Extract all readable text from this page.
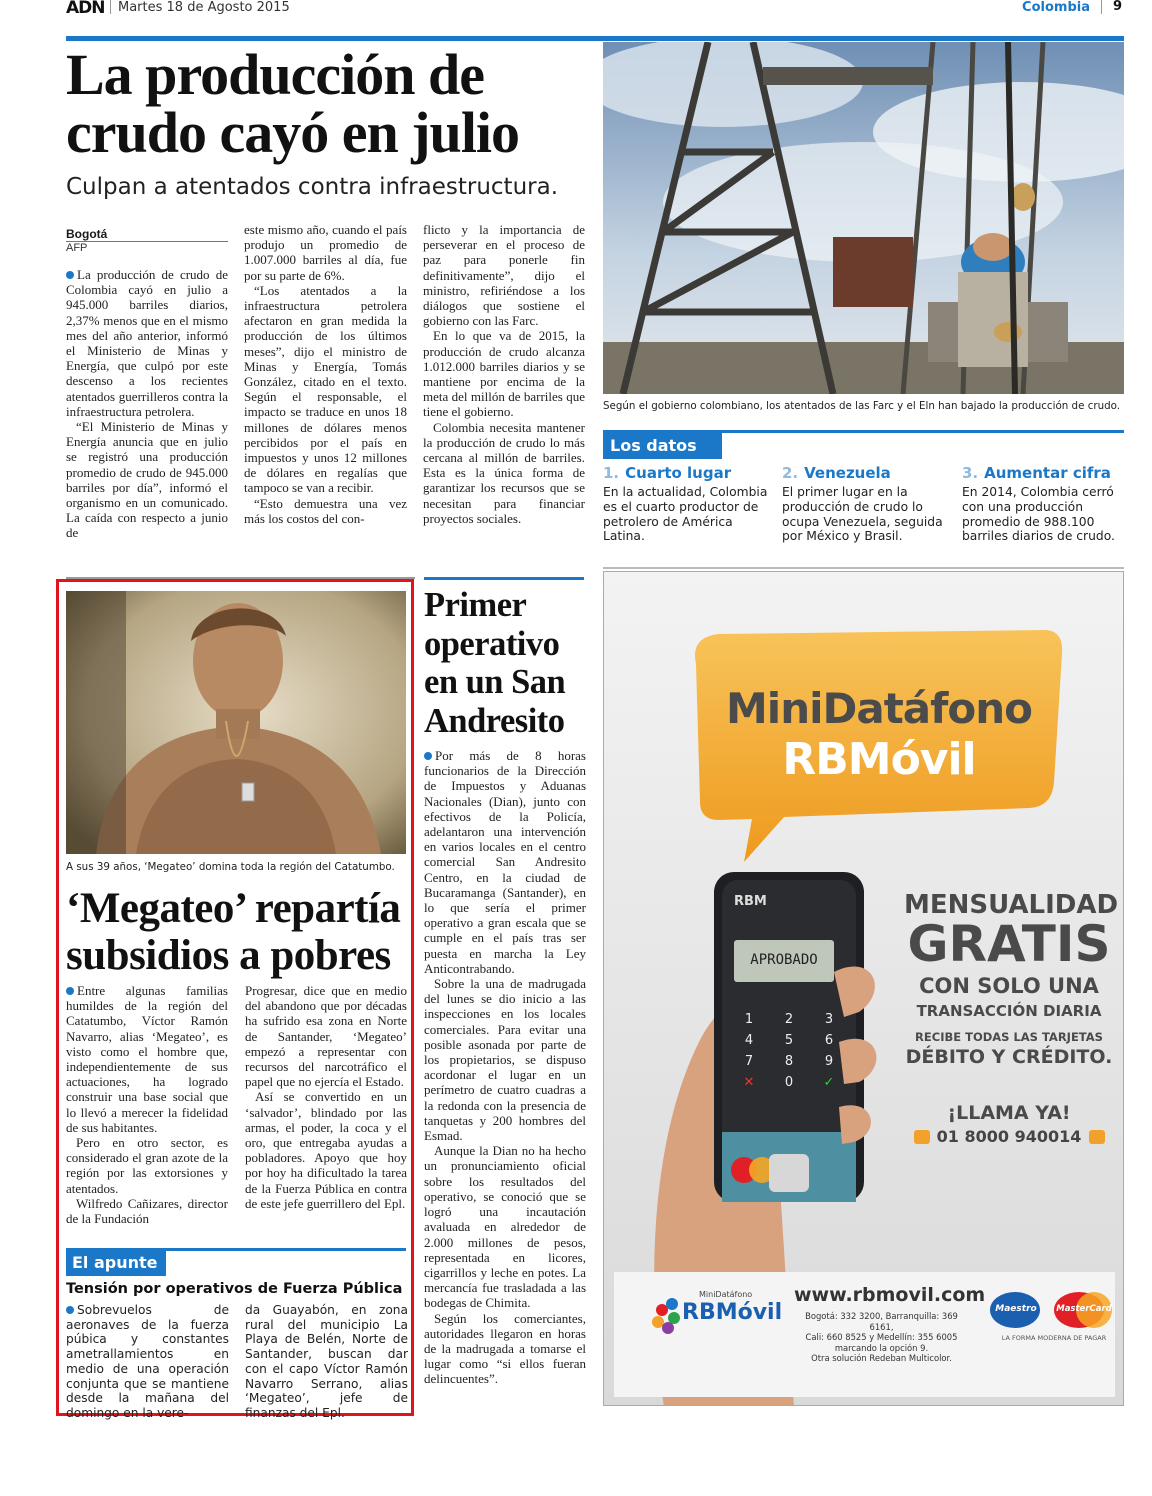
ADN Martes 18 de Agosto 2015	Colombia 9
La producción de crudo cayó en julio
Culpan a atentados contra infraestructura.
Bogotá
AFP

La producción de crudo de Colombia cayó en julio a 945.000 barriles diarios, 2,37% menos que en el mismo mes del año anterior, informó el Ministerio de Minas y Energía, que culpó por este descenso a los recientes atentados guerrilleros contra la infraestructura petrolera.

“El Ministerio de Minas y Energía anuncia que en julio se registró una producción promedio de crudo de 945.000 barriles por día”, informó el organismo en un comunicado. La caída con respecto a junio de

este mismo año, cuando el país produjo un promedio de 1.007.000 barriles al día, fue por su parte de 6%.

“Los atentados a la infraestructura petrolera afectaron en gran medida la producción de los últimos meses”, dijo el ministro de Minas y Energía, Tomás González, citado en el texto. Según el responsable, el impacto se traduce en unos 18 millones de dólares menos percibidos por el país en impuestos y unos 12 millones de dólares en regalías que tampoco se van a recibir.

“Esto demuestra una vez más los costos del con-

flicto y la importancia de perseverar en el proceso de paz para ponerle fin definitivamente”, dijo el ministro, refiriéndose a los diálogos que sostiene el gobierno con las Farc.

En lo que va de 2015, la producción de crudo alcanza 1.012.000 barriles diarios y se mantiene por encima de la meta del millón de barriles que tiene el gobierno.

Colombia necesita mantener la producción de crudo lo más cercana al millón de barriles. Esta es la única forma de garantizar los recursos que se necesitan para financiar proyectos sociales.

Según el gobierno colombiano, los atentados de las Farc y el Eln han bajado la producción de crudo.
Los datos
1. Cuarto lugar
En la actualidad, Colombia es el cuarto productor de petrolero de América Latina.
2. Venezuela
El primer lugar en la producción de crudo lo ocupa Venezuela, seguida por México y Brasil.
3. Aumentar cifra
En 2014, Colombia cerró con una producción promedio de 988.100 barriles diarios de crudo.
A sus 39 años, ‘Megateo’ domina toda la región del Catatumbo.
‘Megateo’ repartía subsidios a pobres

Entre algunas familias humildes de la región del Catatumbo, Víctor Ramón Navarro, alias ‘Megateo’, es visto como el hombre que, independientemente de sus actuaciones, ha logrado construir una base social que lo llevó a merecer la fidelidad de sus habitantes.

Pero en otro sector, es considerado el gran azote de la región por las extorsiones y atentados.

Wilfredo Cañizares, director de la Fundación

Progresar, dice que en medio del abandono que por décadas ha sufrido esa zona en Norte de Santander, ‘Megateo’ empezó a representar con recursos del narcotráfico el papel que no ejercía el Estado.

Así se convertido en un ‘salvador’, blindado por las armas, el poder, la coca y el oro, que entregaba ayudas a pobladores. Apoyo que hoy por hoy ha dificultado la tarea de la Fuerza Pública en contra de este jefe guerrillero del Epl.

El apunte
Tensión por operativos de Fuerza Pública
Sobrevuelos de aeronaves de la fuerza púbica y constantes ametrallamientos en medio de una operación conjunta que se mantiene desde la mañana del domingo en la vere-
da Guayabón, en zona rural del municipio La Playa de Belén, Norte de Santander, buscan dar con el capo Víctor Ramón Navarro Serrano, alias ‘Megateo’, jefe de finanzas del Epl.
Primer operativo en un San Andresito

Por más de 8 horas funcionarios de la Dirección de Impuestos y Aduanas Nacionales (Dian), junto con efectivos de la Policía, adelantaron una intervención en varios locales en el centro comercial San Andresito Centro, en la ciudad de Bucaramanga (Santander), en lo que sería el primer operativo a gran escala que se cumple en el país tras ser puesta en marcha la Ley Anticontrabando.

Sobre la una de madrugada del lunes se dio inicio a las inspecciones en los locales comerciales. Para evitar una posible asonada por parte de los propietarios, se dispuso acordonar el lugar en un perímetro de cuatro cuadras a la redonda con la presencia de tanquetas y 200 hombres del Esmad.

Aunque la Dian no ha hecho un pronunciamiento oficial sobre los resultados del operativo, se conoció que se logró una incautación avaluada en alrededor de 2.000 millones de pesos, representada en licores, cigarrillos y leche en potes. La mercancía fue trasladada a las bodegas de Chimita.

Según los comerciantes, autoridades llegaron en horas de la madrugada a tomarse el lugar como “si ellos fueran delincuentes”.

MiniDatáfono
RBMóvil
RBM
APROBADO
1	2	3
4	5	6
7	8	9
✕	0	✓
MENSUALIDAD
GRATIS
CON SOLO UNA
TRANSACCIÓN DIARIA
RECIBE TODAS LAS TARJETAS
DÉBITO Y CRÉDITO.
¡LLAMA YA!
01 8000 940014
MiniDatáfono
RBMóvil
www.rbmovil.com
Bogotá: 332 3200, Barranquilla: 369 6161,
Cali: 660 8525 y Medellín: 355 6005
marcando la opción 9.
Otra solución Redeban Multicolor.
Maestro	MasterCard
LA FORMA MODERNA DE PAGAR
